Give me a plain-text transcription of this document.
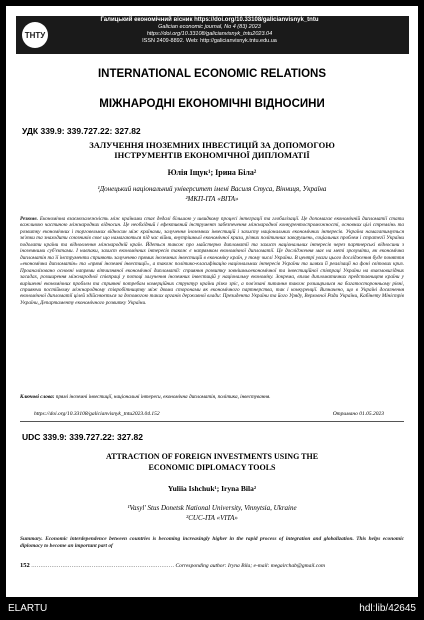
ТНТУ
Галицький економічний вісник https://doi.org/10.33108/galicianvisnyk_tntu
Galician economic journal, No 4 (83) 2023
https://doi.org/10.33108/galicianvisnyk_tntu2023.04
ISSN 2409-8892. Web: http://galicianvisnyk.tntu.edu.ua
INTERNATIONAL ECONOMIC RELATIONS
МІЖНАРОДНІ ЕКОНОМІЧНІ ВІДНОСИНИ
УДК 339.9: 339.727.22: 327.82
ЗАЛУЧЕННЯ ІНОЗЕМНИХ ІНВЕСТИЦІЙ ЗА ДОПОМОГОЮ
ІНСТРУМЕНТІВ ЕКОНОМІЧНОЇ ДИПЛОМАТІЇ
Юлія Іщук¹; Ірина Біла²
¹Донецький національний університет імені Василя Стуса, Вінниця, Україна
²МКП-ІТА «ВІТА»
Резюме. Економічна взаємозалежність між країнами стає дедалі більшою у швидкому процесі інтеграції та глобалізації. Це допомагає економічній дипломатії стати важливою частиною міжнародних відносин. Це необхідний і ефективний інструмент забезпечення міжнародної конкурентоспроможності, основних цілі стремлінь та розвитку економічних і торговельних відносин між країнами, залучення іноземних інвестицій і захисту національних економічних інтересів. Україна намагатимуться зв'язки та знаходити союзників своє що намагаються під час війни, внутрішньої економічної кризи, різних політичних заворушень, соціальних проблем і стратегії України подолати країни та відновлення міжнародній країн. Йдеться також про майстерно дипломатії та захист національних інтересів через партнерські відносини з іноземними суб'єктами. І навпаки, захист економічних інтересів також є напрямком економічної дипломатії. Це дослідження має на меті зрозуміти, як економічна дипломатія та її інструменти сприяють залученню прямих іноземних інвестицій в економіку країн, у тому числі України. В центрі уваги цього дослідження буде поняття «економічна дипломатія» та «прямі іноземні інвестиції», а також політико-класифікацію національних інтересів України та шляхи її реалізації на фоні світових криз. Проаналізовано основні напрями вітчизняної економічної дипломатії: сприяння розвитку зовнішньоекономічної та інвестиційної співпраці України на взаємовигідних засадах, розширення міжнародної співпраці у потоці залучення іноземних інвестицій у національну економіку. Зокрема, вплив дипломатичних представництв країни у вирішенні економічних проблем та сприянні потребам комерційних структур країни різко зріс, а пов'язані питання також розширилися на багатосторонньому рівні, сприяючи постійному міжнародному співробітництву між двома сторонами як економічного партнерства, так і конкуренції. Визначено, що в Україні досягнення економічної дипломатії цілей здійснюється за допомогою таких органів державної влади: Президента України та його Уряду, Верховної Ради України, Кабінету Міністрів України, Департаменту економічного розвитку України.
Ключові слова: прямі іноземні інвестиції, національні інтереси, економічна дипломатія, політика, інвестування.
https://doi.org/10.33108/galicianvisnyk_tntu2023.04.152	Отримано 01.05.2023
UDC 339.9: 339.727.22: 327.82
ATTRACTION OF FOREIGN INVESTMENTS USING THE
ECONOMIC DIPLOMACY TOOLS
Yuliia Ishchuk¹; Iryna Bila²
¹Vasyl' Stus Donetsk National University, Vinnytsia, Ukraine
²CUC-ITA «VITA»
Summary. Economic interdependence between countries is becoming increasingly higher in the rapid process of integration and globalization. This helps economic diplomacy to become an important part of
152 …………………………………………………………………… Corresponding author: Iryna Bila; e-mail: megairchab@gmail.com
ELARTU	hdl:lib/42645
